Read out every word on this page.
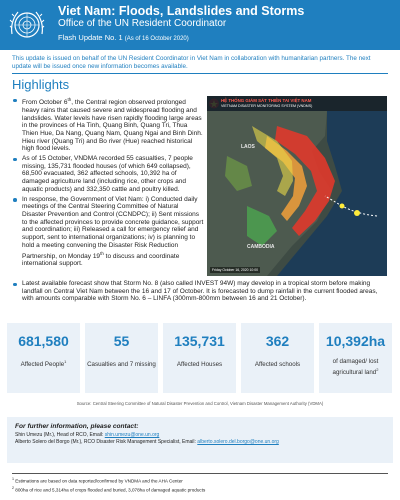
Viet Nam: Floods, Landslides and Storms
Office of the UN Resident Coordinator
Flash Update No. 1 (As of 16 October 2020)

This update is issued on behalf of the UN Resident Coordinator in Viet Nam in collaboration with humanitarian partners. The next update will be issued once new information becomes available.

Highlights
From October 6th, the Central region observed prolonged heavy rains that caused severe and widespread flooding and landslides. Water levels have risen rapidly flooding large areas in the provinces of Ha Tinh, Quang Binh, Quang Tri, Thua Thien Hue, Da Nang, Quang Nam, Quang Ngai and Binh Dinh. Hieu river (Quang Tri) and Bo river (Hue) reached historical high flood levels.
As of 15 October, VNDMA recorded 55 casualties, 7 people missing, 135,731 flooded houses (of which 649 collapsed), 68,500 evacuated, 362 affected schools, 10,392 ha of damaged agriculture land (including rice, other crops and aquatic products) and 332,350 cattle and poultry killed.
In response, the Government of Viet Nam: i) Conducted daily meetings of the Central Steering Committee of Natural Disaster Prevention and Control (CCNDPC); ii) Sent missions to the affected provinces to provide concrete guidance, support and coordination; iii) Released a call for emergency relief and support, sent to international organizations; iv) is planning to hold a meeting convening the Disaster Risk Reduction Partnership, on Monday 19th to discuss and coordinate international support.
HỆ THỐNG GIÁM SÁT THIÊN TAI VIỆT NAM
VIETNAM DISASTER MONITORING SYSTEM (VNDMS)
LAOS
CAMBODIA
Friday October 16, 2020 10:00
Latest available forecast show that Storm No. 8 (also called INVEST 94W) may develop in a tropical storm before making landfall on Central Viet Nam between the 16 and 17 of October. It is forecasted to dump rainfall in the current flooded areas, with amounts comparable with Storm No. 6 – LINFA (300mm-800mm between 16 and 21 October).
681,580
Affected People$^1$
55
Casualties and 7 missing
135,731
Affected Houses
362
Affected schools
10,392ha
of damaged/ lost agricultural land$^2$
Source: Central Steering Committee of Natural Disaster Prevention and Control, Vietnam Disaster Management Authority (VDMA)
For further information, please contact:
Shin Umezu (Mr.), Head of RCO, Email: shin.umezu@one.un.org
Alberto Solero del Borgo (Mr.), RCO Disaster Risk Management Specialist, Email: alberto.solero.del.borgo@one.un.org
$^1$ Estimations are based on data reported/confirmed by VNDMA and the AHA Center
$^2$ 800ha of rice and 5,314ha of crops flooded and buried, 3,078ha of damaged aquatic products
